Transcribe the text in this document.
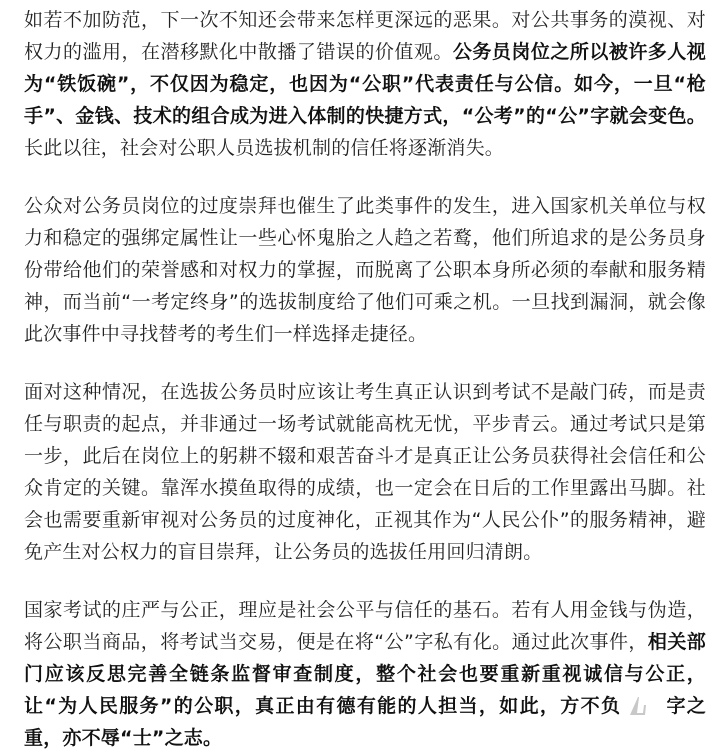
如若不加防范，下一次不知还会带来怎样更深远的恶果。对公共事务的漠视、对权力的滥用，在潜移默化中散播了错误的价值观。公务员岗位之所以被许多人视为“铁饭碗”，不仅因为稳定，也因为“公职”代表责任与公信。如今，一旦“枪手”、金钱、技术的组合成为进入体制的快捷方式，“公考”的“公”字就会变色。长此以往，社会对公职人员选拔机制的信任将逐渐消失。

公众对公务员岗位的过度崇拜也催生了此类事件的发生，进入国家机关单位与权力和稳定的强绑定属性让一些心怀鬼胎之人趋之若鹜，他们所追求的是公务员身份带给他们的荣誉感和对权力的掌握，而脱离了公职本身所必须的奉献和服务精神，而当前“一考定终身”的选拔制度给了他们可乘之机。一旦找到漏洞，就会像此次事件中寻找替考的考生们一样选择走捷径。

面对这种情况，在选拔公务员时应该让考生真正认识到考试不是敲门砖，而是责任与职责的起点，并非通过一场考试就能高枕无忧，平步青云。通过考试只是第一步，此后在岗位上的躬耕不辍和艰苦奋斗才是真正让公务员获得社会信任和公众肯定的关键。靠浑水摸鱼取得的成绩，也一定会在日后的工作里露出马脚。社会也需要重新审视对公务员的过度神化，正视其作为“人民公仆”的服务精神，避免产生对公权力的盲目崇拜，让公务员的选拔任用回归清朗。

国家考试的庄严与公正，理应是社会公平与信任的基石。若有人用金钱与伪造，将公职当商品，将考试当交易，便是在将“公”字私有化。通过此次事件，相关部门应该反思完善全链条监督审查制度，整个社会也要重新重视诚信与公正，让“为人民服务”的公职，真正由有德有能的人担当，如此，方不负 字之重，亦不辱“士”之志。
